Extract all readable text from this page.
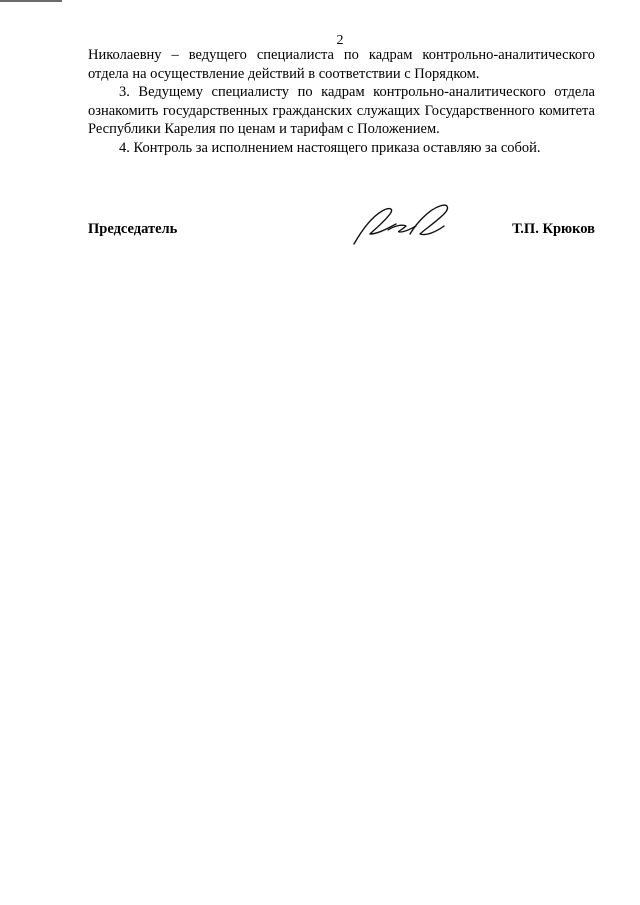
2

Николаевну – ведущего специалиста по кадрам контрольно-аналитического отдела на осуществление действий в соответствии с Порядком.

3. Ведущему специалисту по кадрам контрольно-аналитического отдела ознакомить государственных гражданских служащих Государственного комитета Республики Карелия по ценам и тарифам с Положением.

4. Контроль за исполнением настоящего приказа оставляю за собой.

Председатель	Т.П. Крюков
